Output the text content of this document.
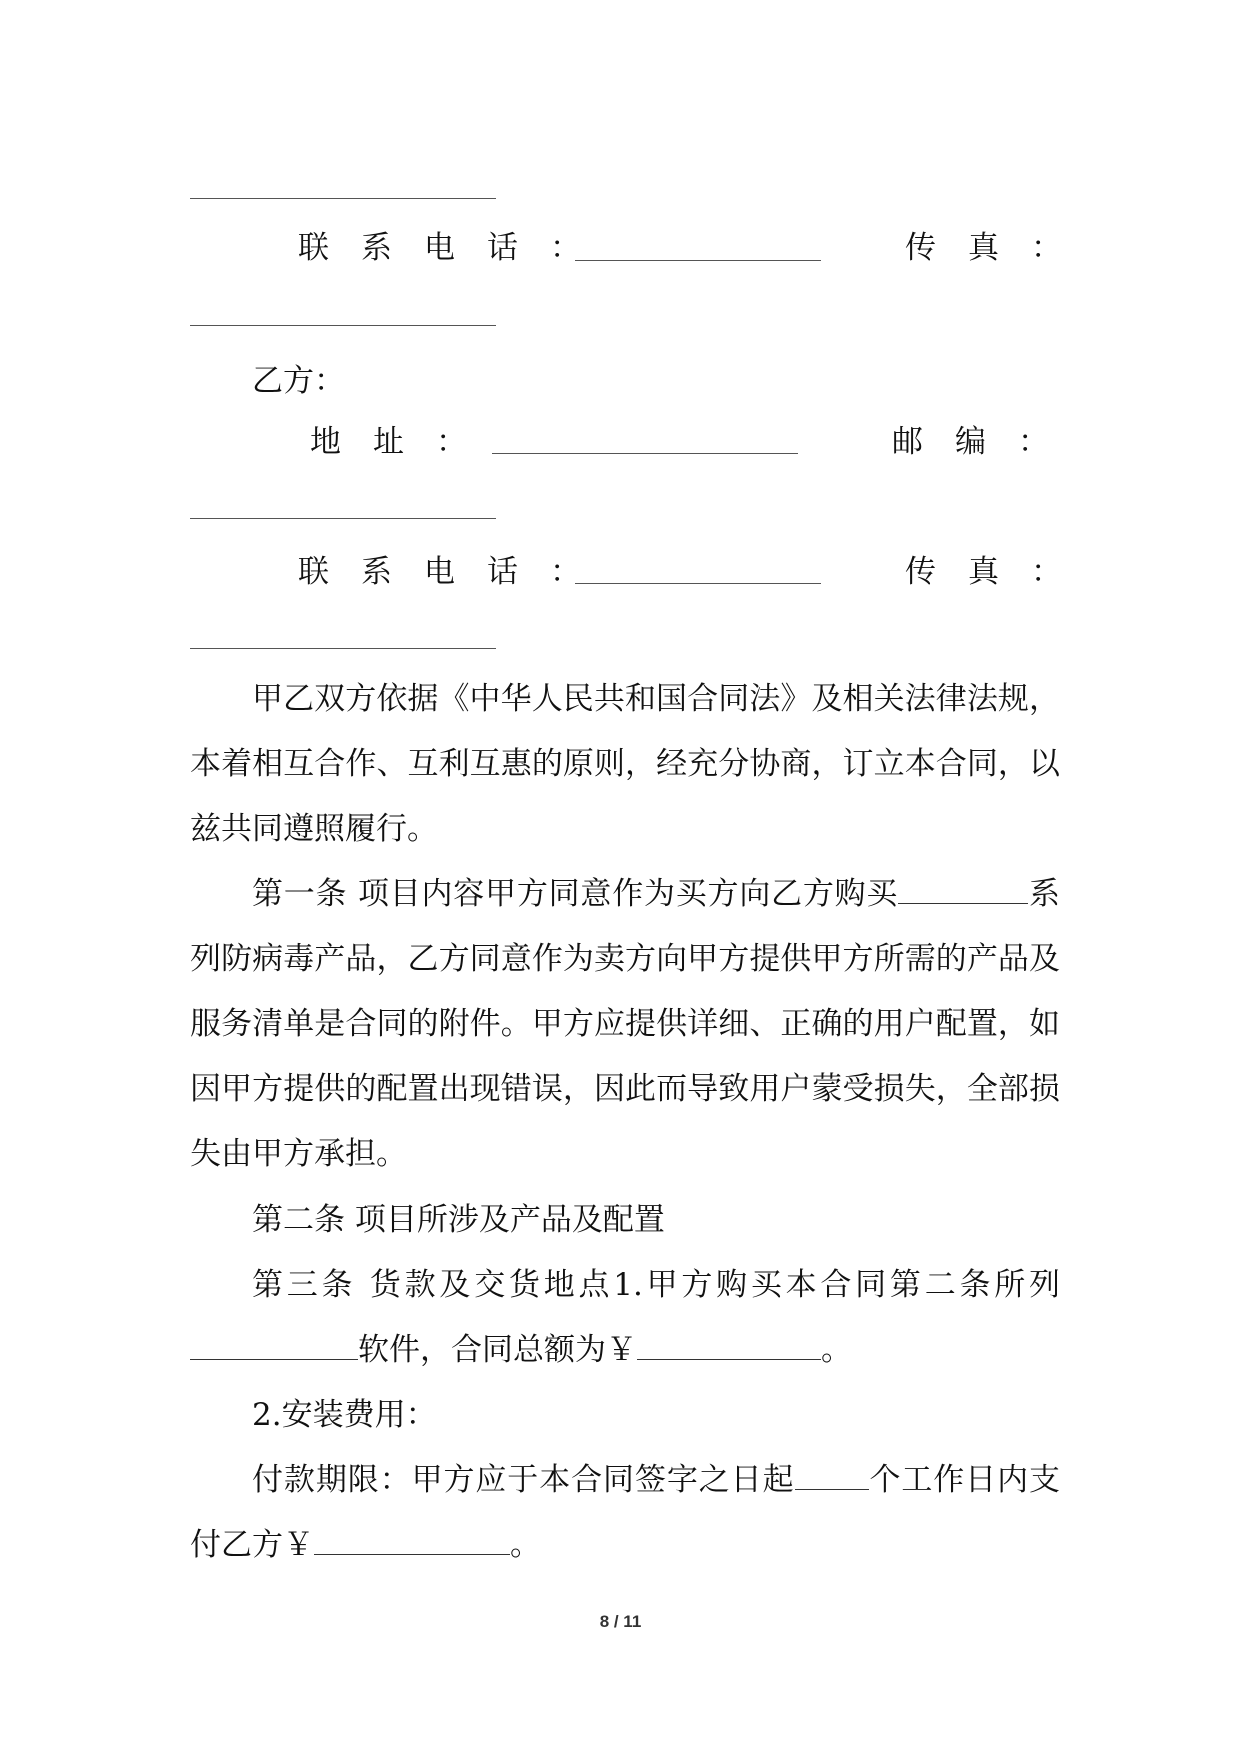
联系电话：	传真：
乙方：
地址：	邮编：
联系电话：	传真：
甲乙双方依据《中华人民共和国合同法》及相关法律法规，本着相互合作、互利互惠的原则，经充分协商，订立本合同，以兹共同遵照履行。
第一条 项目内容甲方同意作为买方向乙方购买	系列防病毒产品，乙方同意作为卖方向甲方提供甲方所需的产品及服务清单是合同的附件。甲方应提供详细、正确的用户配置，如因甲方提供的配置出现错误，因此而导致用户蒙受损失，全部损失由甲方承担。
第二条 项目所涉及产品及配置
第三条 货款及交货地点1.甲方购买本合同第二条所列软件，合同总额为￥	。
2.安装费用：
付款期限：甲方应于本合同签字之日起 个工作日内支付乙方￥	。
8 / 11
